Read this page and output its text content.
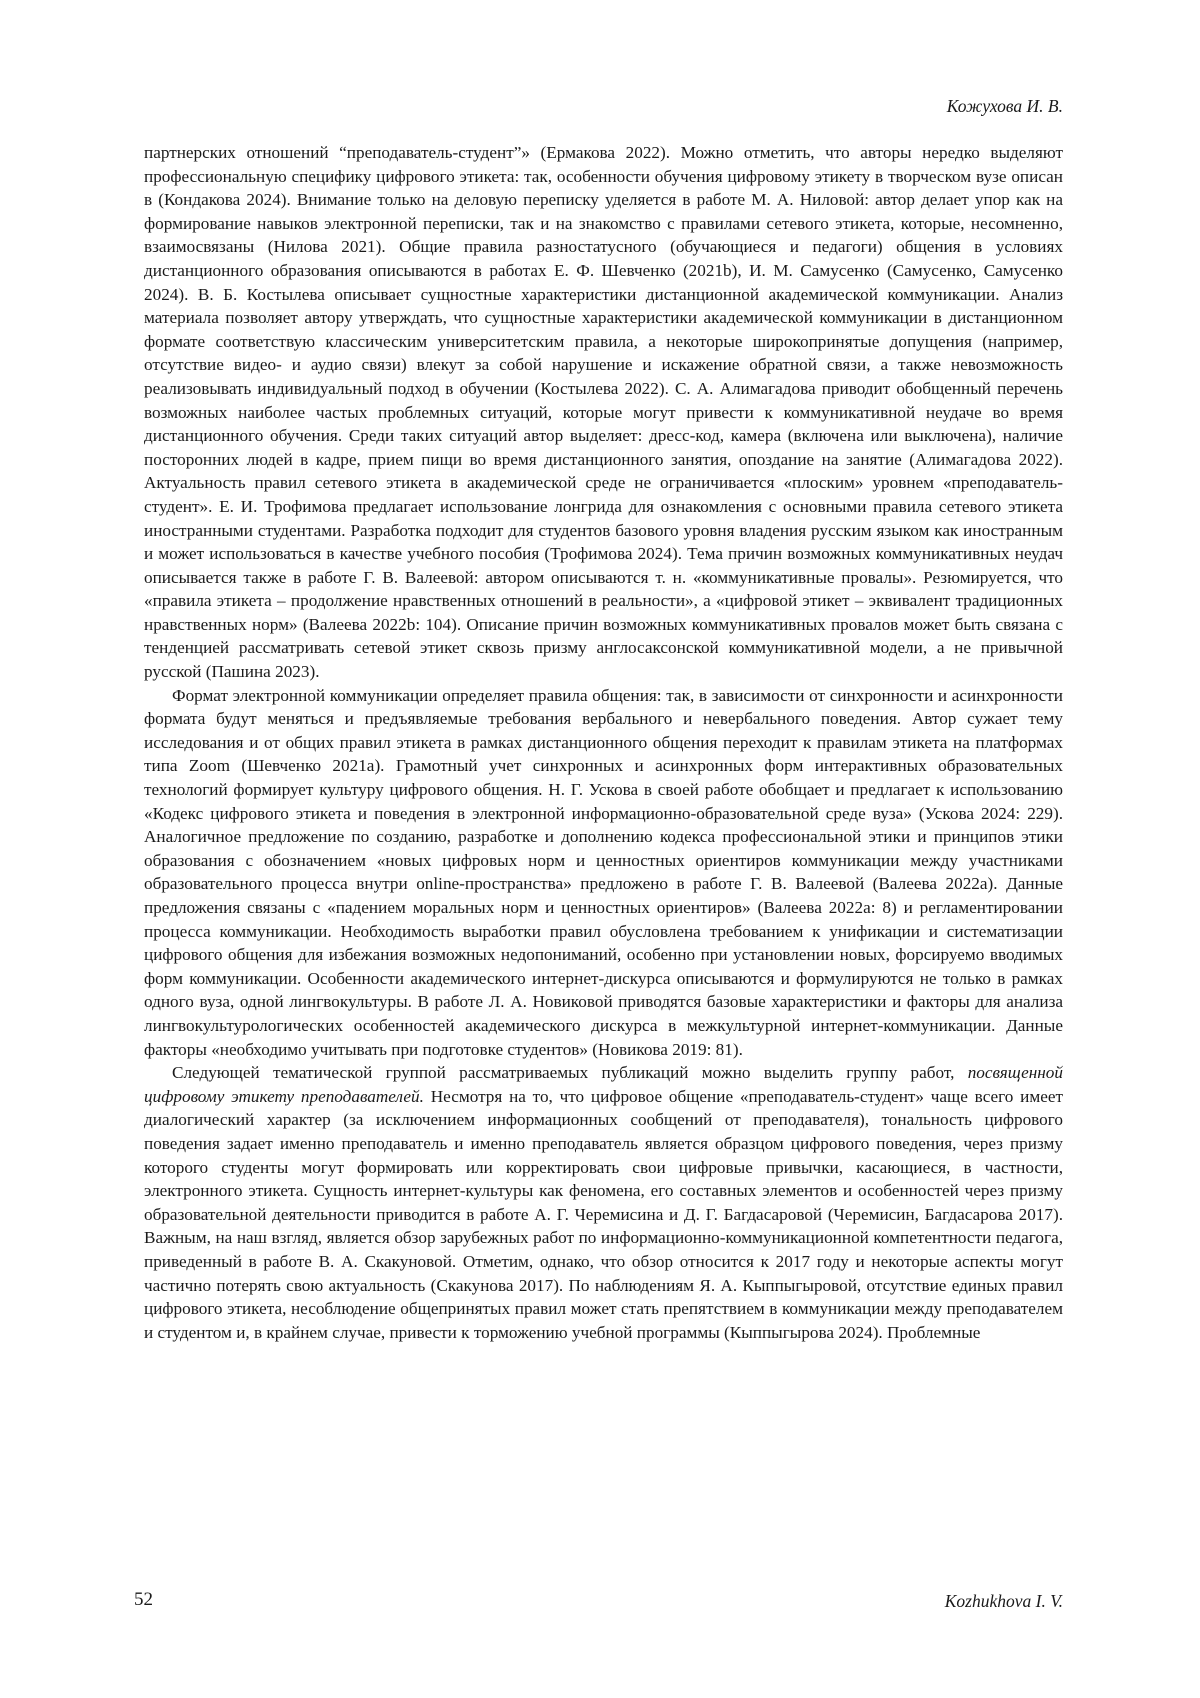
Кожухова И. В.

партнерских отношений “преподаватель-студент”» (Ермакова 2022). Можно отметить, что авторы нередко выделяют профессиональную специфику цифрового этикета: так, особенности обучения цифровому этикету в творческом вузе описан в (Кондакова 2024). Внимание только на деловую переписку уделяется в работе М. А. Ниловой: автор делает упор как на формирование навыков электронной переписки, так и на знакомство с правилами сетевого этикета, которые, несомненно, взаимосвязаны (Нилова 2021). Общие правила разностатусного (обучающиеся и педагоги) общения в условиях дистанционного образования описываются в работах Е. Ф. Шевченко (2021b), И. М. Самусенко (Самусенко, Самусенко 2024). В. Б. Костылева описывает сущностные характеристики дистанционной академической коммуникации. Анализ материала позволяет автору утверждать, что сущностные характеристики академической коммуникации в дистанционном формате соответствую классическим университетским правила, а некоторые широкопринятые допущения (например, отсутствие видео- и аудио связи) влекут за собой нарушение и искажение обратной связи, а также невозможность реализовывать индивидуальный подход в обучении (Костылева 2022). С. А. Алимагадова приводит обобщенный перечень возможных наиболее частых проблемных ситуаций, которые могут привести к коммуникативной неудаче во время дистанционного обучения. Среди таких ситуаций автор выделяет: дресс-код, камера (включена или выключена), наличие посторонних людей в кадре, прием пищи во время дистанционного занятия, опоздание на занятие (Алимагадова 2022). Актуальность правил сетевого этикета в академической среде не ограничивается «плоским» уровнем «преподаватель-студент». Е. И. Трофимова предлагает использование лонгрида для ознакомления с основными правила сетевого этикета иностранными студентами. Разработка подходит для студентов базового уровня владения русским языком как иностранным и может использоваться в качестве учебного пособия (Трофимова 2024). Тема причин возможных коммуникативных неудач описывается также в работе Г. В. Валеевой: автором описываются т. н. «коммуникативные провалы». Резюмируется, что «правила этикета – продолжение нравственных отношений в реальности», а «цифровой этикет – эквивалент традиционных нравственных норм» (Валеева 2022b: 104). Описание причин возможных коммуникативных провалов может быть связана с тенденцией рассматривать сетевой этикет сквозь призму англосаксонской коммуникативной модели, а не привычной русской (Пашина 2023).

Формат электронной коммуникации определяет правила общения: так, в зависимости от синхронности и асинхронности формата будут меняться и предъявляемые требования вербального и невербального поведения. Автор сужает тему исследования и от общих правил этикета в рамках дистанционного общения переходит к правилам этикета на платформах типа Zoom (Шевченко 2021a). Грамотный учет синхронных и асинхронных форм интерактивных образовательных технологий формирует культуру цифрового общения. Н. Г. Ускова в своей работе обобщает и предлагает к использованию «Кодекс цифрового этикета и поведения в электронной информационно-образовательной среде вуза» (Ускова 2024: 229). Аналогичное предложение по созданию, разработке и дополнению кодекса профессиональной этики и принципов этики образования с обозначением «новых цифровых норм и ценностных ориентиров коммуникации между участниками образовательного процесса внутри online-пространства» предложено в работе Г. В. Валеевой (Валеева 2022a). Данные предложения связаны с «падением моральных норм и ценностных ориентиров» (Валеева 2022a: 8) и регламентировании процесса коммуникации. Необходимость выработки правил обусловлена требованием к унификации и систематизации цифрового общения для избежания возможных недопониманий, особенно при установлении новых, форсируемо вводимых форм коммуникации. Особенности академического интернет-дискурса описываются и формулируются не только в рамках одного вуза, одной лингвокультуры. В работе Л. А. Новиковой приводятся базовые характеристики и факторы для анализа лингвокультурологических особенностей академического дискурса в межкультурной интернет-коммуникации. Данные факторы «необходимо учитывать при подготовке студентов» (Новикова 2019: 81).

Следующей тематической группой рассматриваемых публикаций можно выделить группу работ, посвященной цифровому этикету преподавателей. Несмотря на то, что цифровое общение «преподаватель-студент» чаще всего имеет диалогический характер (за исключением информационных сообщений от преподавателя), тональность цифрового поведения задает именно преподаватель и именно преподаватель является образцом цифрового поведения, через призму которого студенты могут формировать или корректировать свои цифровые привычки, касающиеся, в частности, электронного этикета. Сущность интернет-культуры как феномена, его составных элементов и особенностей через призму образовательной деятельности приводится в работе А. Г. Черемисина и Д. Г. Багдасаровой (Черемисин, Багдасарова 2017). Важным, на наш взгляд, является обзор зарубежных работ по информационно-коммуникационной компетентности педагога, приведенный в работе В. А. Скакуновой. Отметим, однако, что обзор относится к 2017 году и некоторые аспекты могут частично потерять свою актуальность (Скакунова 2017). По наблюдениям Я. А. Кыппыгыровой, отсутствие единых правил цифрового этикета, несоблюдение общепринятых правил может стать препятствием в коммуникации между преподавателем и студентом и, в крайнем случае, привести к торможению учебной программы (Кыппыгырова 2024). Проблемные

52	Kozhukhova I. V.
